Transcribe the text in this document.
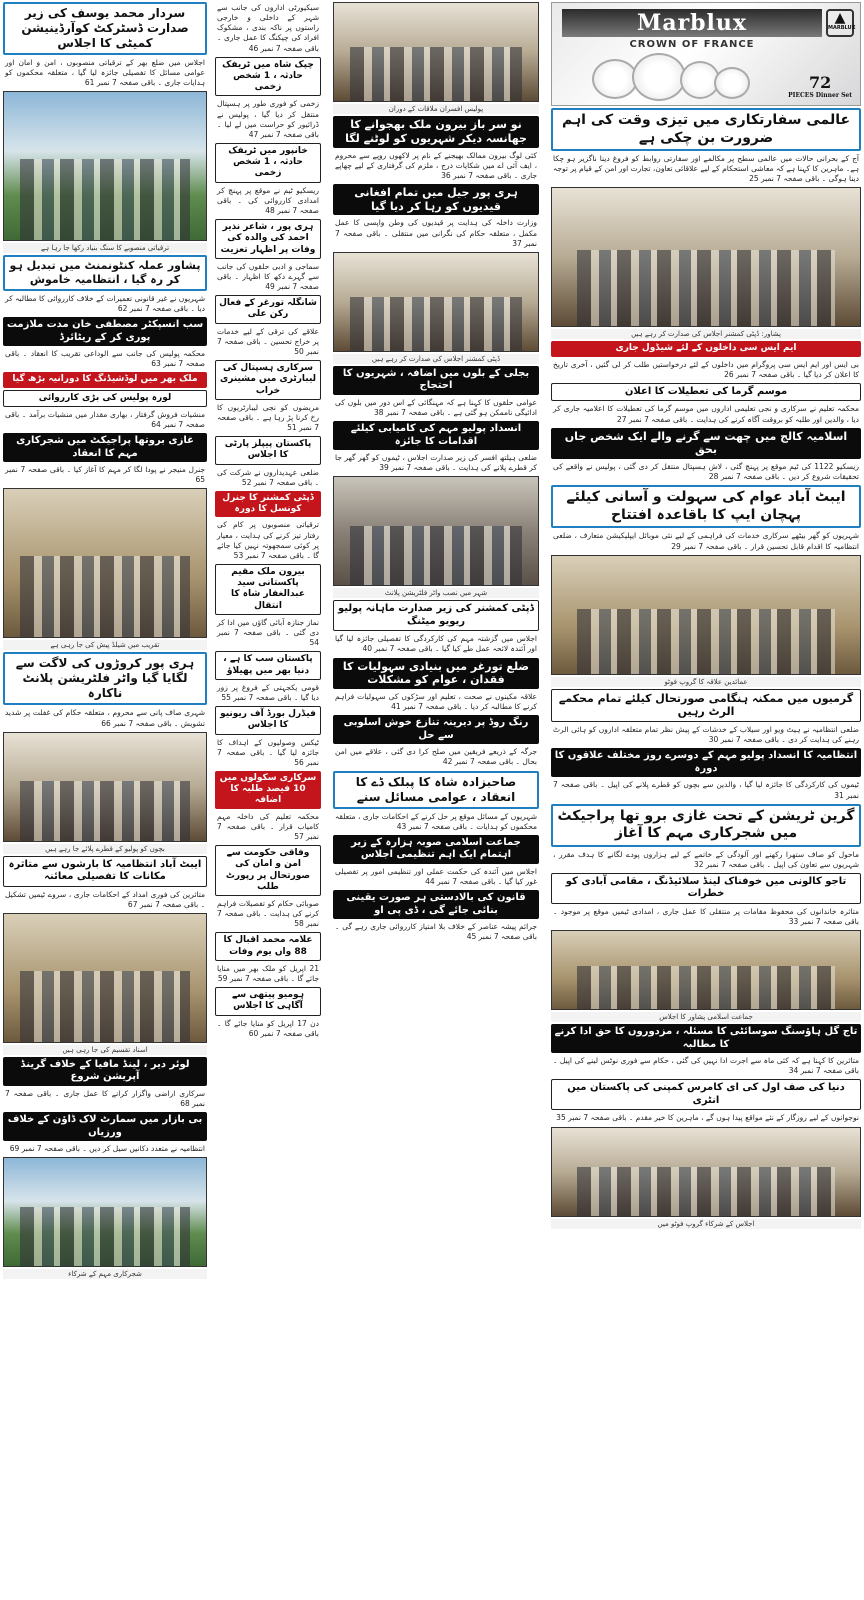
▲ MARBLUX
Marblux
CROWN OF FRANCE
72
PIECES Dinner Set
عالمی سفارتکاری میں تیزی وقت کی اہم ضرورت بن چکی ہے
آج کے بحرانی حالات میں عالمی سطح پر مکالمے اور سفارتی روابط کو فروغ دینا ناگزیر ہو چکا ہے۔ ماہرین کا کہنا ہے کہ معاشی استحکام کے لیے علاقائی تعاون، تجارت اور امن کے قیام پر توجہ دینا ہوگی ۔ باقی صفحہ 7 نمبر 25
پشاور: ڈپٹی کمشنر اجلاس کی صدارت کر رہے ہیں
ایم ایس سی داخلوں کے لئے شیڈول جاری
بی ایس اور ایم ایس سی پروگرام میں داخلوں کے لئے درخواستیں طلب کر لی گئیں ، آخری تاریخ کا اعلان کر دیا گیا ۔ باقی صفحہ 7 نمبر 26
موسم گرما کی تعطیلات کا اعلان
محکمہ تعلیم نے سرکاری و نجی تعلیمی اداروں میں موسم گرما کی تعطیلات کا اعلامیہ جاری کر دیا ، والدین اور طلبہ کو بروقت آگاہ کرنے کی ہدایت ۔ باقی صفحہ 7 نمبر 27
اسلامیہ کالج میں چھت سے گرنے والے ایک شخص جاں بحق
ریسکیو 1122 کی ٹیم موقع پر پہنچ گئی ، لاش ہسپتال منتقل کر دی گئی ، پولیس نے واقعے کی تحقیقات شروع کر دیں ۔ باقی صفحہ 7 نمبر 28
ایبٹ آباد عوام کی سہولت و آسانی کیلئے پہچان ایپ کا باقاعدہ افتتاح
شہریوں کو گھر بیٹھے سرکاری خدمات کی فراہمی کے لیے نئی موبائل ایپلیکیشن متعارف ، ضلعی انتظامیہ کا اقدام قابل تحسین قرار ۔ باقی صفحہ 7 نمبر 29
عمائدین علاقہ کا گروپ فوٹو
گرمیوں میں ممکنہ ہنگامی صورتحال کیلئے تمام محکمے الرٹ رہیں
ضلعی انتظامیہ نے ہیٹ ویو اور سیلاب کے خدشات کے پیش نظر تمام متعلقہ اداروں کو ہائی الرٹ رہنے کی ہدایت کر دی ۔ باقی صفحہ 7 نمبر 30
انتظامیہ کا انسداد پولیو مہم کے دوسرے روز مختلف علاقوں کا دورہ
ٹیموں کی کارکردگی کا جائزہ لیا گیا ، والدین سے بچوں کو قطرے پلانے کی اپیل ۔ باقی صفحہ 7 نمبر 31
گرین ٹریشن کے تحت غازی برو تھا پراجیکٹ میں شجرکاری مہم کا آغاز
ماحول کو صاف ستھرا رکھنے اور آلودگی کے خاتمے کے لیے ہزاروں پودے لگانے کا ہدف مقرر ، شہریوں سے تعاون کی اپیل ۔ باقی صفحہ 7 نمبر 32
تاجو کالونی میں خوفناک لینڈ سلائیڈنگ ، مقامی آبادی کو خطرات
متاثرہ خاندانوں کی محفوظ مقامات پر منتقلی کا عمل جاری ، امدادی ٹیمیں موقع پر موجود ۔ باقی صفحہ 7 نمبر 33
جماعت اسلامی پشاور کا اجلاس
تاج گل ہاؤسنگ سوسائٹی کا مسئلہ ، مزدوروں کا حق ادا کرنے کا مطالبہ
متاثرین کا کہنا ہے کہ کئی ماہ سے اجرت ادا نہیں کی گئی ، حکام سے فوری نوٹس لینے کی اپیل ۔ باقی صفحہ 7 نمبر 34
دنیا کی صف اول کی ای کامرس کمپنی کی پاکستان میں انٹری
نوجوانوں کے لیے روزگار کے نئے مواقع پیدا ہوں گے ، ماہرین کا خیر مقدم ۔ باقی صفحہ 7 نمبر 35
اجلاس کے شرکاء گروپ فوٹو میں
پولیس افسران ملاقات کے دوران
نو سر باز بیرون ملک بھجوانے کا جھانسہ دیکر شہریوں کو لوٹنے لگا
کئی لوگ بیرون ممالک بھیجنے کے نام پر لاکھوں روپے سے محروم ، ایف آئی اے میں شکایات درج ، ملزم کی گرفتاری کے لیے چھاپے جاری ۔ باقی صفحہ 7 نمبر 36
ہری پور جیل میں تمام افغانی قیدیوں کو رہا کر دیا گیا
وزارت داخلہ کی ہدایت پر قیدیوں کی وطن واپسی کا عمل مکمل ، متعلقہ حکام کی نگرانی میں منتقلی ۔ باقی صفحہ 7 نمبر 37
ڈپٹی کمشنر اجلاس کی صدارت کر رہے ہیں
بجلی کے بلوں میں اضافہ ، شہریوں کا احتجاج
عوامی حلقوں کا کہنا ہے کہ مہنگائی کے اس دور میں بلوں کی ادائیگی ناممکن ہو گئی ہے ۔ باقی صفحہ 7 نمبر 38
انسداد پولیو مہم کی کامیابی کیلئے اقدامات کا جائزہ
ضلعی ہیلتھ افسر کی زیر صدارت اجلاس ، ٹیموں کو گھر گھر جا کر قطرے پلانے کی ہدایت ۔ باقی صفحہ 7 نمبر 39
شہر میں نصب واٹر فلٹریشن پلانٹ
ڈپٹی کمشنر کی زیر صدارت ماہانہ پولیو ریویو میٹنگ
اجلاس میں گزشتہ مہم کی کارکردگی کا تفصیلی جائزہ لیا گیا اور آئندہ لائحہ عمل طے کیا گیا ۔ باقی صفحہ 7 نمبر 40
ضلع تورغر میں بنیادی سہولیات کا فقدان ، عوام کو مشکلات
علاقہ مکینوں نے صحت ، تعلیم اور سڑکوں کی سہولیات فراہم کرنے کا مطالبہ کر دیا ۔ باقی صفحہ 7 نمبر 41
رنگ روڈ پر دیرینہ تنازع خوش اسلوبی سے حل
جرگہ کے ذریعے فریقین میں صلح کرا دی گئی ، علاقے میں امن بحال ۔ باقی صفحہ 7 نمبر 42
صاحبزادہ شاہ کا پبلک ڈے کا انعقاد ، عوامی مسائل سنے
شہریوں کے مسائل موقع پر حل کرنے کے احکامات جاری ، متعلقہ محکموں کو ہدایات ۔ باقی صفحہ 7 نمبر 43
جماعت اسلامی صوبہ ہزارہ کے زیر اہتمام ایک اہم تنظیمی اجلاس
اجلاس میں آئندہ کی حکمت عملی اور تنظیمی امور پر تفصیلی غور کیا گیا ۔ باقی صفحہ 7 نمبر 44
قانون کی بالادستی ہر صورت یقینی بنائی جائے گی ، ڈی پی او
جرائم پیشہ عناصر کے خلاف بلا امتیاز کارروائی جاری رہے گی ۔ باقی صفحہ 7 نمبر 45
سیکیورٹی اداروں کی جانب سے شہر کے داخلی و خارجی راستوں پر ناکہ بندی ، مشکوک افراد کی چیکنگ کا عمل جاری ۔ باقی صفحہ 7 نمبر 46
چپک شاہ میں ٹریفک حادثہ ، 1 شخص زخمی
زخمی کو فوری طور پر ہسپتال منتقل کر دیا گیا ، پولیس نے ڈرائیور کو حراست میں لے لیا ۔ باقی صفحہ 7 نمبر 47
خانپور میں ٹریفک حادثہ ، 1 شخص زخمی
ریسکیو ٹیم نے موقع پر پہنچ کر امدادی کارروائی کی ۔ باقی صفحہ 7 نمبر 48
ہری پور ، شاعر نذیر احمد کی والدہ کی وفات پر اظہار تعزیت
سماجی و ادبی حلقوں کی جانب سے گہرے دکھ کا اظہار ۔ باقی صفحہ 7 نمبر 49
شانگلہ تورغر کے فعال رکن علی
علاقے کی ترقی کے لیے خدمات پر خراج تحسین ۔ باقی صفحہ 7 نمبر 50
سرکاری ہسپتال کی لیبارٹری میں مشینری خراب
مریضوں کو نجی لیبارٹریوں کا رخ کرنا پڑ رہا ہے ۔ باقی صفحہ 7 نمبر 51
پاکستان پیپلز پارٹی کا اجلاس
ضلعی عہدیداروں نے شرکت کی ۔ باقی صفحہ 7 نمبر 52
ڈپٹی کمشنر کا جنرل کونسل کا دورہ
ترقیاتی منصوبوں پر کام کی رفتار تیز کرنے کی ہدایت ، معیار پر کوئی سمجھوتہ نہیں کیا جائے گا ۔ باقی صفحہ 7 نمبر 53
بیرون ملک مقیم پاکستانی سید عبدالغفار شاہ کا انتقال
نماز جنازہ آبائی گاؤں میں ادا کر دی گئی ۔ باقی صفحہ 7 نمبر 54
پاکستان سب کا ہے ، دنیا بھر میں پھیلاؤ
قومی یکجہتی کے فروغ پر زور دیا گیا ۔ باقی صفحہ 7 نمبر 55
فیڈرل بورڈ آف ریونیو کا اجلاس
ٹیکس وصولیوں کے اہداف کا جائزہ لیا گیا ۔ باقی صفحہ 7 نمبر 56
سرکاری سکولوں میں 10 فیصد طلبہ کا اضافہ
محکمہ تعلیم کی داخلہ مہم کامیاب قرار ۔ باقی صفحہ 7 نمبر 57
وفاقی حکومت سے امن و امان کی صورتحال پر رپورٹ طلب
صوبائی حکام کو تفصیلات فراہم کرنے کی ہدایت ۔ باقی صفحہ 7 نمبر 58
علامہ محمد اقبال کا 88 واں یوم وفات
21 اپریل کو ملک بھر میں منایا جائے گا ۔ باقی صفحہ 7 نمبر 59
ہومیو پیتھی سے آگاہی کا اجلاس
دن 17 اپریل کو منایا جائے گا ۔ باقی صفحہ 7 نمبر 60
سردار محمد یوسف کی زیر صدارت ڈسٹرکٹ کوآرڈینیشن کمیٹی کا اجلاس
اجلاس میں ضلع بھر کے ترقیاتی منصوبوں ، امن و امان اور عوامی مسائل کا تفصیلی جائزہ لیا گیا ، متعلقہ محکموں کو ہدایات جاری ۔ باقی صفحہ 7 نمبر 61
ترقیاتی منصوبے کا سنگ بنیاد رکھا جا رہا ہے
پشاور عملہ کنٹونمنٹ میں تبدیل ہو کر رہ گیا ، انتظامیہ خاموش
شہریوں نے غیر قانونی تعمیرات کے خلاف کارروائی کا مطالبہ کر دیا ۔ باقی صفحہ 7 نمبر 62
سب انسپکٹر مصطفی خان مدت ملازمت پوری کر کے ریٹائرڈ
محکمہ پولیس کی جانب سے الوداعی تقریب کا انعقاد ۔ باقی صفحہ 7 نمبر 63
ملک بھر میں لوڈشیڈنگ کا دورانیہ بڑھ گیا
لورہ پولیس کی بڑی کارروائی
منشیات فروش گرفتار ، بھاری مقدار میں منشیات برآمد ۔ باقی صفحہ 7 نمبر 64
غازی بروتھا پراجیکٹ میں شجرکاری مہم کا انعقاد
جنرل منیجر نے پودا لگا کر مہم کا آغاز کیا ۔ باقی صفحہ 7 نمبر 65
تقریب میں شیلڈ پیش کی جا رہی ہے
ہری پور کروڑوں کی لاگت سے لگایا گیا واٹر فلٹریشن پلانٹ ناکارہ
شہری صاف پانی سے محروم ، متعلقہ حکام کی غفلت پر شدید تشویش ۔ باقی صفحہ 7 نمبر 66
بچوں کو پولیو کے قطرے پلائے جا رہے ہیں
ایبٹ آباد انتظامیہ کا بارشوں سے متاثرہ مکانات کا تفصیلی معائنہ
متاثرین کی فوری امداد کے احکامات جاری ، سروے ٹیمیں تشکیل ۔ باقی صفحہ 7 نمبر 67
اسناد تقسیم کی جا رہی ہیں
لوئر دیر ، لینڈ مافیا کے خلاف گرینڈ آپریشن شروع
سرکاری اراضی واگزار کرانے کا عمل جاری ۔ باقی صفحہ 7 نمبر 68
بی بازار میں سمارٹ لاک ڈاؤن کے خلاف ورزیاں
انتظامیہ نے متعدد دکانیں سیل کر دیں ۔ باقی صفحہ 7 نمبر 69
شجرکاری مہم کے شرکاء
